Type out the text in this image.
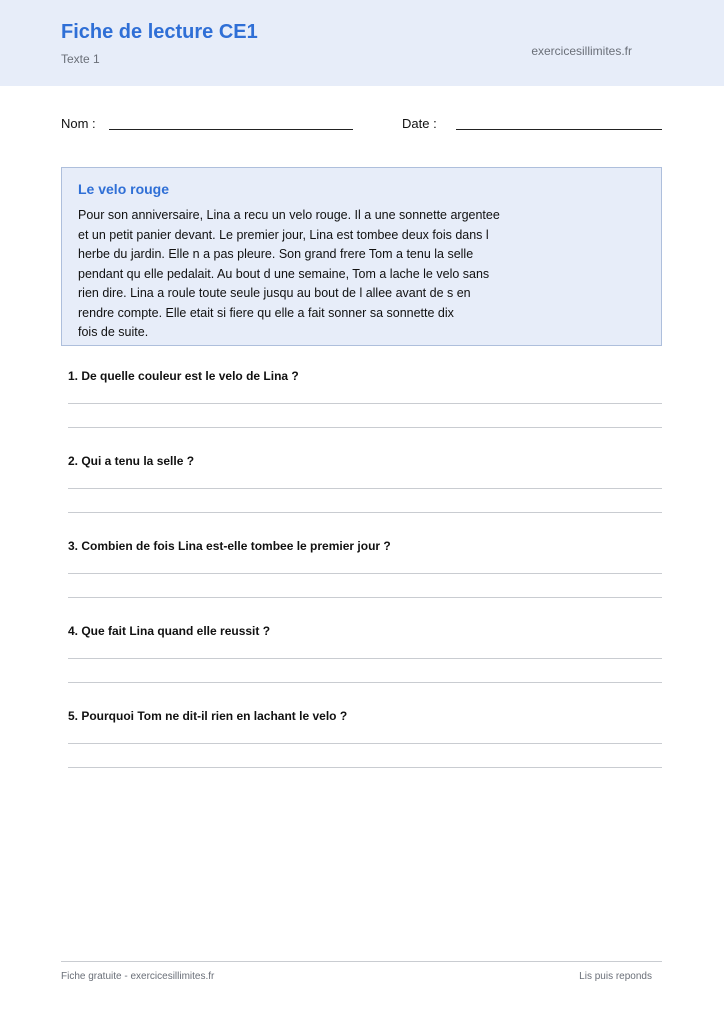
Fiche de lecture CE1
Texte 1
exercicesillimites.fr
Nom :	Date :
Le velo rouge
Pour son anniversaire, Lina a recu un velo rouge. Il a une sonnette argentee
et un petit panier devant. Le premier jour, Lina est tombee deux fois dans l
herbe du jardin. Elle n a pas pleure. Son grand frere Tom a tenu la selle
pendant qu elle pedalait. Au bout d une semaine, Tom a lache le velo sans
rien dire. Lina a roule toute seule jusqu au bout de l allee avant de s en
rendre compte. Elle etait si fiere qu elle a fait sonner sa sonnette dix
fois de suite.
1. De quelle couleur est le velo de Lina ?
2. Qui a tenu la selle ?
3. Combien de fois Lina est-elle tombee le premier jour ?
4. Que fait Lina quand elle reussit ?
5. Pourquoi Tom ne dit-il rien en lachant le velo ?
Fiche gratuite - exercicesillimites.fr	Lis puis reponds
